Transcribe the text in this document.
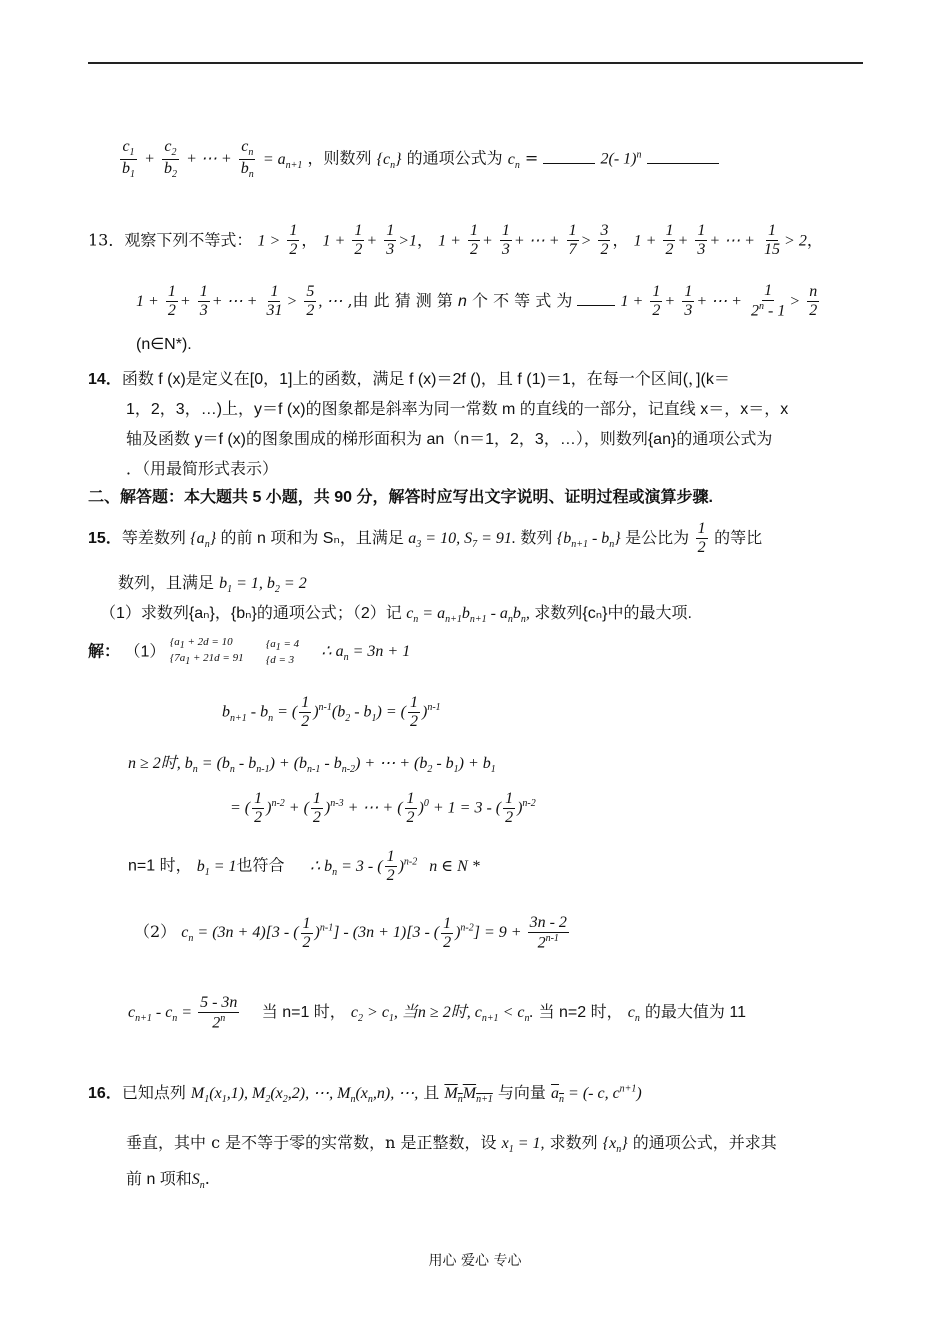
$\frac{c_1}{b_1} + \frac{c_2}{b_2}$ + ⋯ + $\frac{c_n}{b_n} = a_{n+1}$ ，则数列 $\{c_n\}$ 的通项公式为 $c_n$ =	2(- 1)$^n$
13．观察下列不等式： $1 > \frac{1}{2}$ ， $1 + \frac{1}{2} + \frac{1}{3} >1$， $1 + \frac{1}{2} + \frac{1}{3}$ + ⋯ + $\frac{1}{7} > \frac{3}{2}$ ， $1 + \frac{1}{2} + \frac{1}{3}$ + ⋯ + $\frac{1}{15} > 2$，
$1 + \frac{1}{2} + \frac{1}{3}$ + ⋯ + $\frac{1}{31} > \frac{5}{2}$ , ⋯ ,由 此 猜 测 第 n 个 不 等 式 为	$1 + \frac{1}{2} + \frac{1}{3}$ + ⋯ + $\frac{1}{2^n - 1} > \frac{n}{2}$
(n∈N*).
14．函数 f (x)是定义在[0，1]上的函数，满足 f (x)＝2f ()，且 f (1)＝1，在每一个区间(，](k＝
1，2，3，…)上，y＝f (x)的图象都是斜率为同一常数 m 的直线的一部分，记直线 x＝，x＝，x
轴及函数 y＝f (x)的图象围成的梯形面积为 an（n＝1，2，3，…），则数列{an}的通项公式为
．（用最简形式表示）
二、解答题：本大题共 5 小题，共 90 分，解答时应写出文字说明、证明过程或演算步骤.
15．等差数列 $\{a_n\}$ 的前 n 项和为 Sₙ，且满足 $a_3 = 10$, $S_7 = 91$. 数列 $\{b_{n+1} - b_n\}$ 是公比为 $\frac{1}{2}$ 的等比
数列，且满足 $b_1 = 1$, $b_2 = 2$
（1）求数列{aₙ}，{bₙ}的通项公式；（2）记 $c_n = a_{n+1}b_{n+1} - a_nb_n$, 求数列{cₙ}中的最大项.
解： （1） {$a_1 + 2d = 10$
{$7a_1 + 21d = 91$     {$a_1 = 4$
{d = 3 ∴ $a_n = 3n + 1$
$b_{n+1} - b_n$ = ( $\frac{1}{2} )^{n-1}(b_2 - b_1)$ = ( $\frac{1}{2} )^{n-1}$
n ≥ 2时, $b_n = (b_n - b_{n-1}) + (b_{n-1} - b_{n-2})$ + ⋯ + $(b_2 - b_1) + b_1$
= ( $\frac{1}{2} )^{n-2}$ + ( $\frac{1}{2} )^{n-3}$ + ⋯ + ( $\frac{1}{2} )^0 + 1 = 3$ - ( $\frac{1}{2} )^{n-2}$
n=1 时， $b_1 = 1$也符合 ∴ $b_n = 3$ - ( $\frac{1}{2} )^{n-2}$   n ∈ N *
（2） $c_n = (3n + 4)[3$ - ( $\frac{1}{2} )^{n-1}] - (3n + 1)[3$ - ( $\frac{1}{2} )^{n-2}] = 9 + \frac{3n - 2}{2^{n-1}}$
$c_{n+1} - c_n = \frac{5 - 3n}{2^n}$ 当 n=1 时， $c_2 > c_1$, 当n ≥ 2时, $c_{n+1} < c_n$. 当 n=2 时， $c_n$ 的最大值为 11
16．已知点列 $M_1(x_1,1)$, $M_2(x_2,2)$, ⋯, $M_n(x_n,n)$, ⋯, 且 $M_nM_{n+1}$ 与向量 $a_n$ = (- c, $c^{n+1}$)
垂直，其中 c 是不等于零的实常数，n 是正整数，设 $x_1 = 1$, 求数列 $\{x_n\}$ 的通项公式，并求其
前 n 项和$S_n$.
用心 爱心 专心
